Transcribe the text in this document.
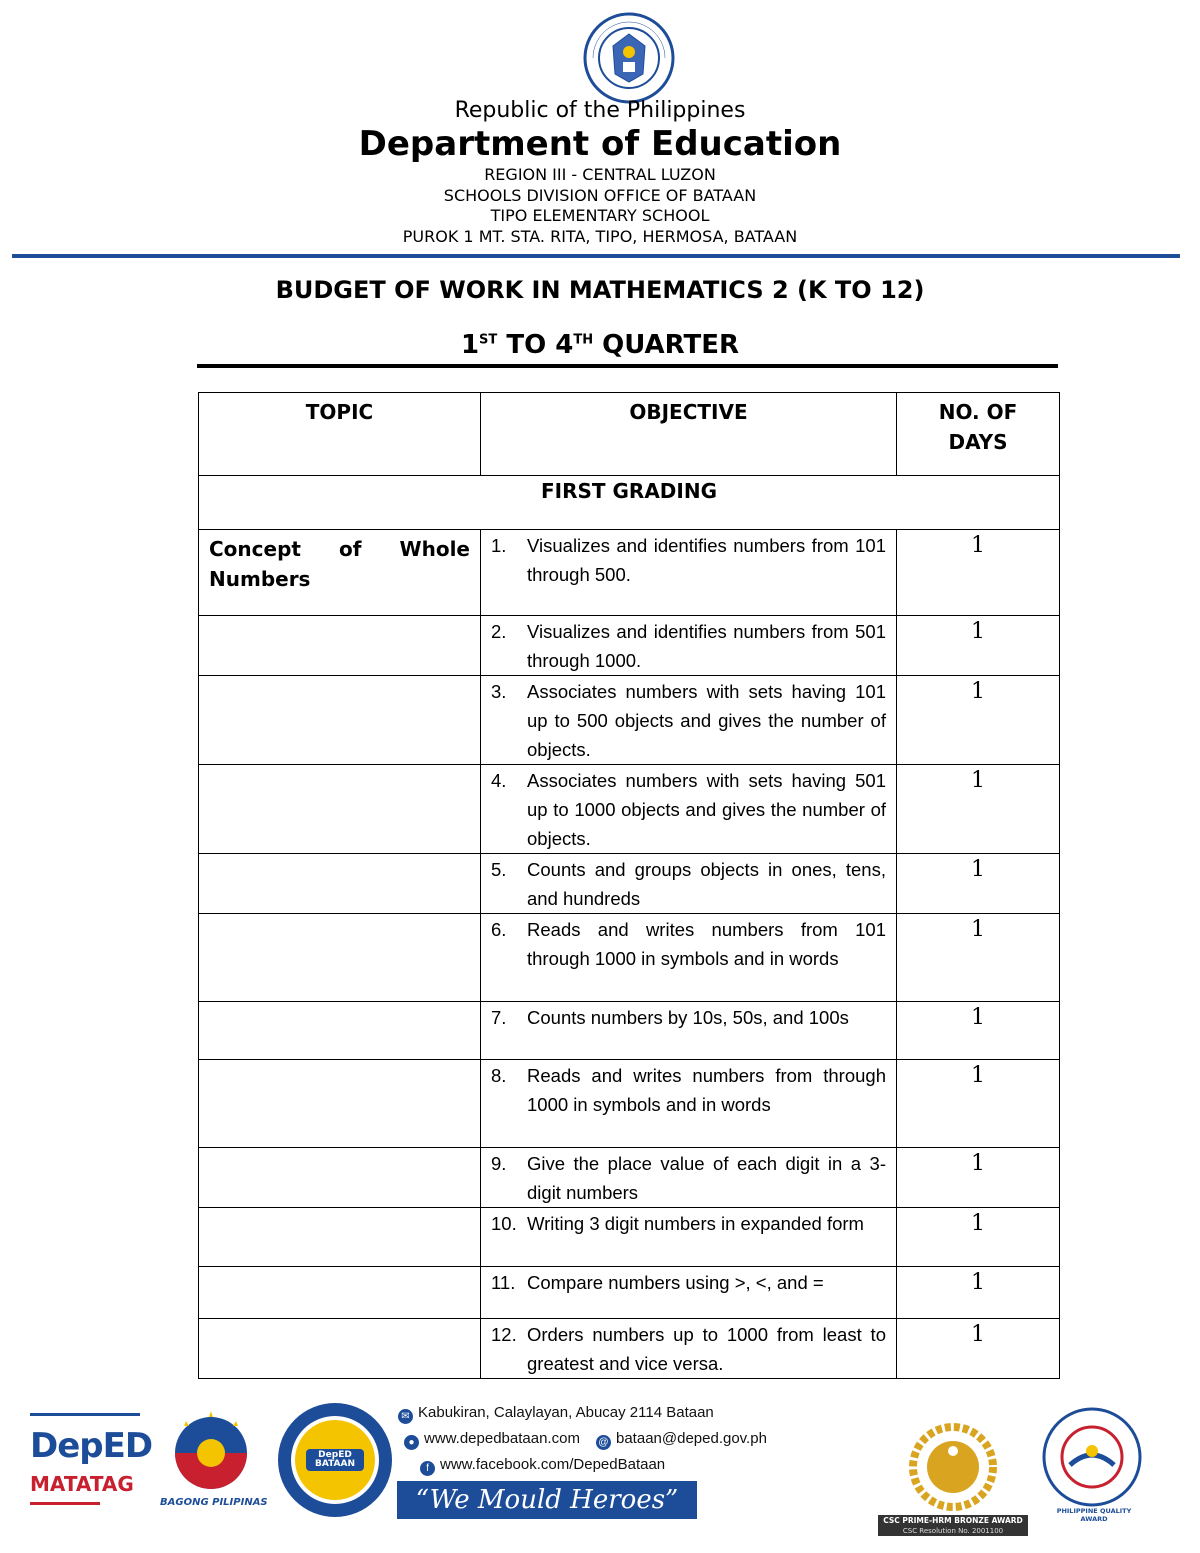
Republic of the Philippines
Department of Education
REGION III - CENTRAL LUZON
SCHOOLS DIVISION OFFICE OF BATAAN
TIPO ELEMENTARY SCHOOL
PUROK 1 MT. STA. RITA, TIPO, HERMOSA, BATAAN
BUDGET OF WORK IN MATHEMATICS 2 (K TO 12)
1ST TO 4TH QUARTER
TOPIC	OBJECTIVE	NO. OF
DAYS
FIRST GRADING		
Concept of Whole Numbers	1. Visualizes and identifies numbers from 101 through 500.	1

	2. Visualizes and identifies numbers from 501 through 1000.	1

	3. Associates numbers with sets having 101 up to 500 objects and gives the number of objects.	1

	4. Associates numbers with sets having 501 up to 1000 objects and gives the number of objects.	1

	5. Counts and groups objects in ones, tens, and hundreds	1

	6. Reads and writes numbers from 101 through 1000 in symbols and in words	1

	7. Counts numbers by 10s, 50s, and 100s	1

	8. Reads and writes numbers from through 1000 in symbols and in words	1

	9. Give the place value of each digit in a 3- digit numbers	1

	10. Writing 3 digit numbers in expanded form	1

	11. Compare numbers using >, <, and =	1

	12. Orders numbers up to 1000 from least to greatest and vice versa.	1
DepED
MATATAG
BAGONG PILIPINAS
DepED BATAAN
✉ Kabukiran, Calaylayan, Abucay 2114 Bataan
● www.depedbataan.com @ bataan@deped.gov.ph
f www.facebook.com/DepedBataan
“We Mould Heroes”
CSC PRIME-HRM BRONZE AWARD
CSC Resolution No. 2001100
PHILIPPINE QUALITY AWARD
